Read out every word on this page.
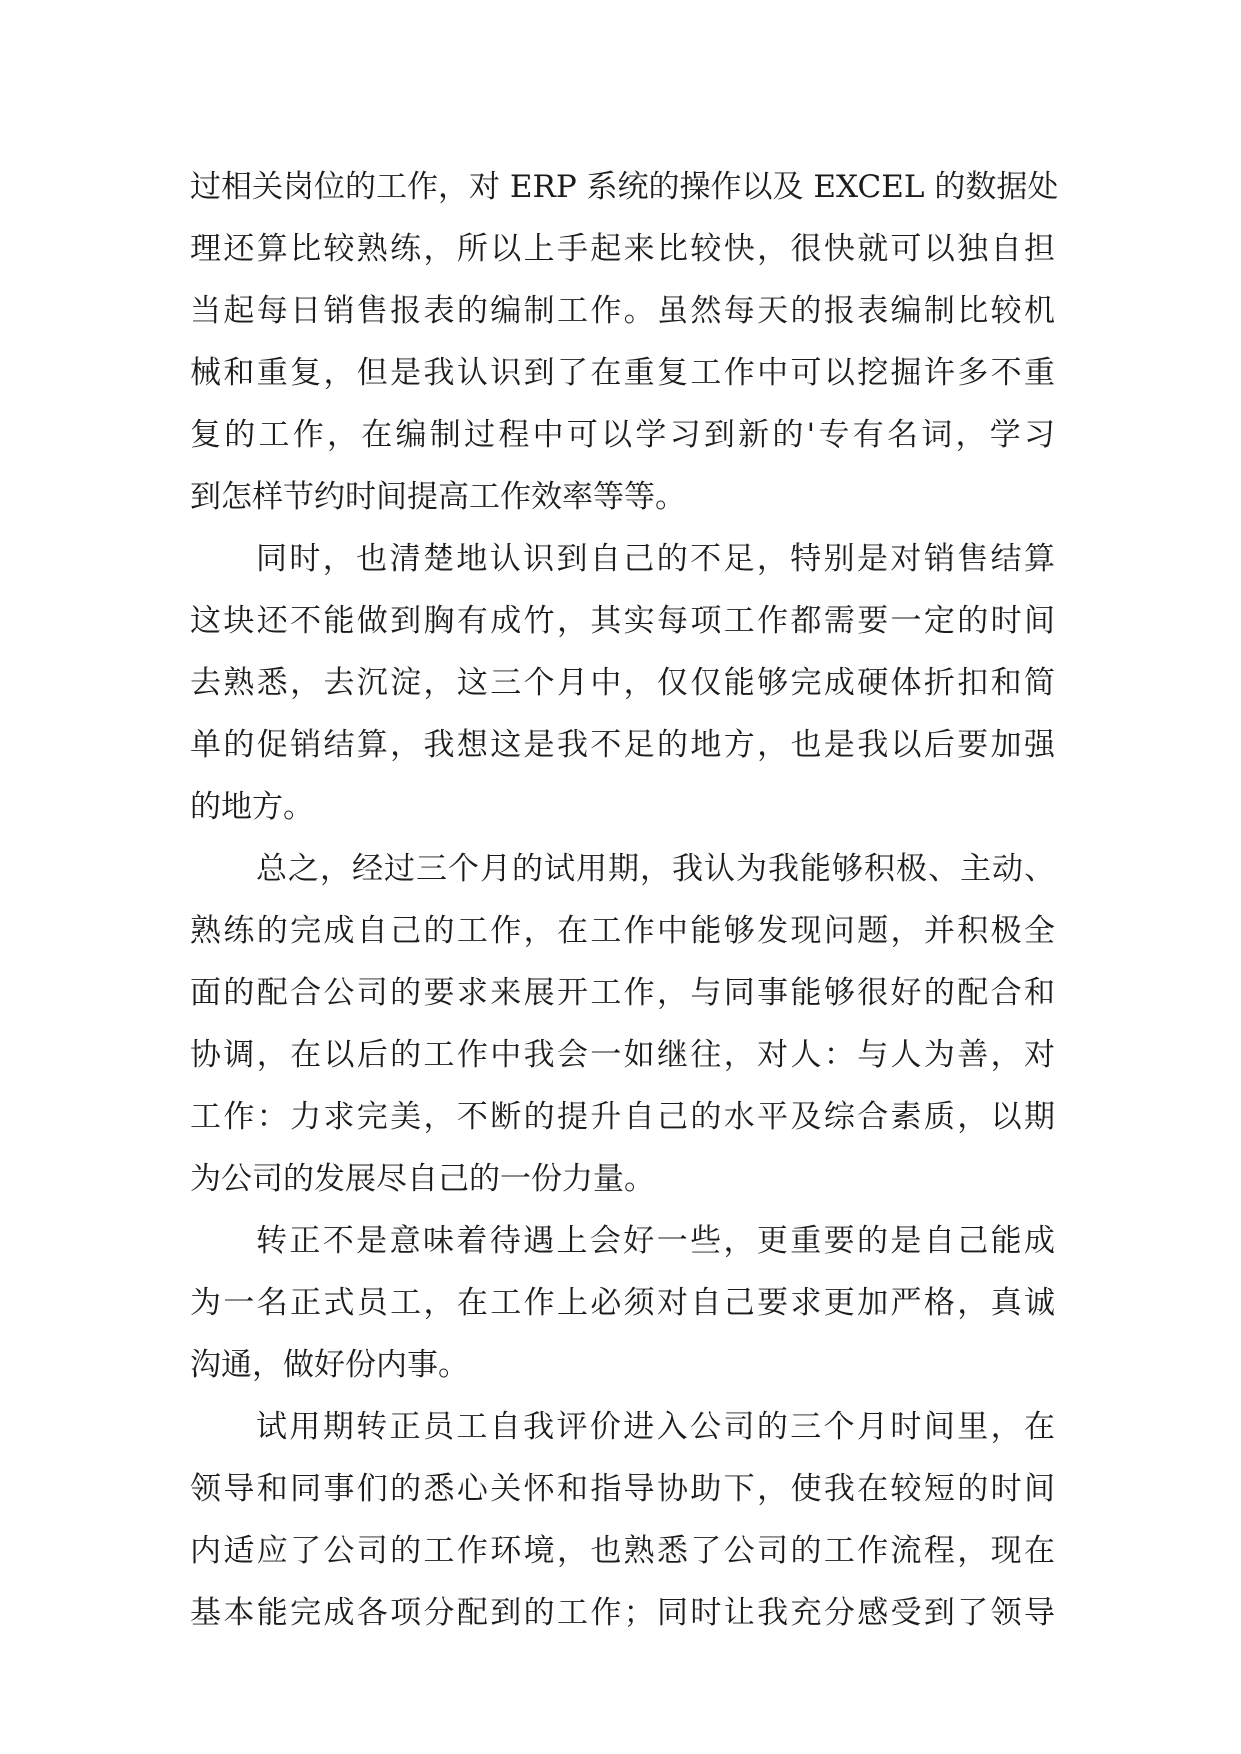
过相关岗位的工作，对 ERP 系统的操作以及 EXCEL 的数据处
理还算比较熟练，所以上手起来比较快，很快就可以独自担
当起每日销售报表的编制工作。虽然每天的报表编制比较机
械和重复，但是我认识到了在重复工作中可以挖掘许多不重
复的工作，在编制过程中可以学习到新的'专有名词，学习
到怎样节约时间提高工作效率等等。
同时，也清楚地认识到自己的不足，特别是对销售结算
这块还不能做到胸有成竹，其实每项工作都需要一定的时间
去熟悉，去沉淀，这三个月中，仅仅能够完成硬体折扣和简
单的促销结算，我想这是我不足的地方，也是我以后要加强
的地方。
总之，经过三个月的试用期，我认为我能够积极、主动、
熟练的完成自己的工作，在工作中能够发现问题，并积极全
面的配合公司的要求来展开工作，与同事能够很好的配合和
协调，在以后的工作中我会一如继往，对人：与人为善，对
工作：力求完美，不断的提升自己的水平及综合素质，以期
为公司的发展尽自己的一份力量。
转正不是意味着待遇上会好一些，更重要的是自己能成
为一名正式员工，在工作上必须对自己要求更加严格，真诚
沟通，做好份内事。
试用期转正员工自我评价进入公司的三个月时间里，在
领导和同事们的悉心关怀和指导协助下，使我在较短的时间
内适应了公司的工作环境，也熟悉了公司的工作流程，现在
基本能完成各项分配到的工作；同时让我充分感受到了领导
